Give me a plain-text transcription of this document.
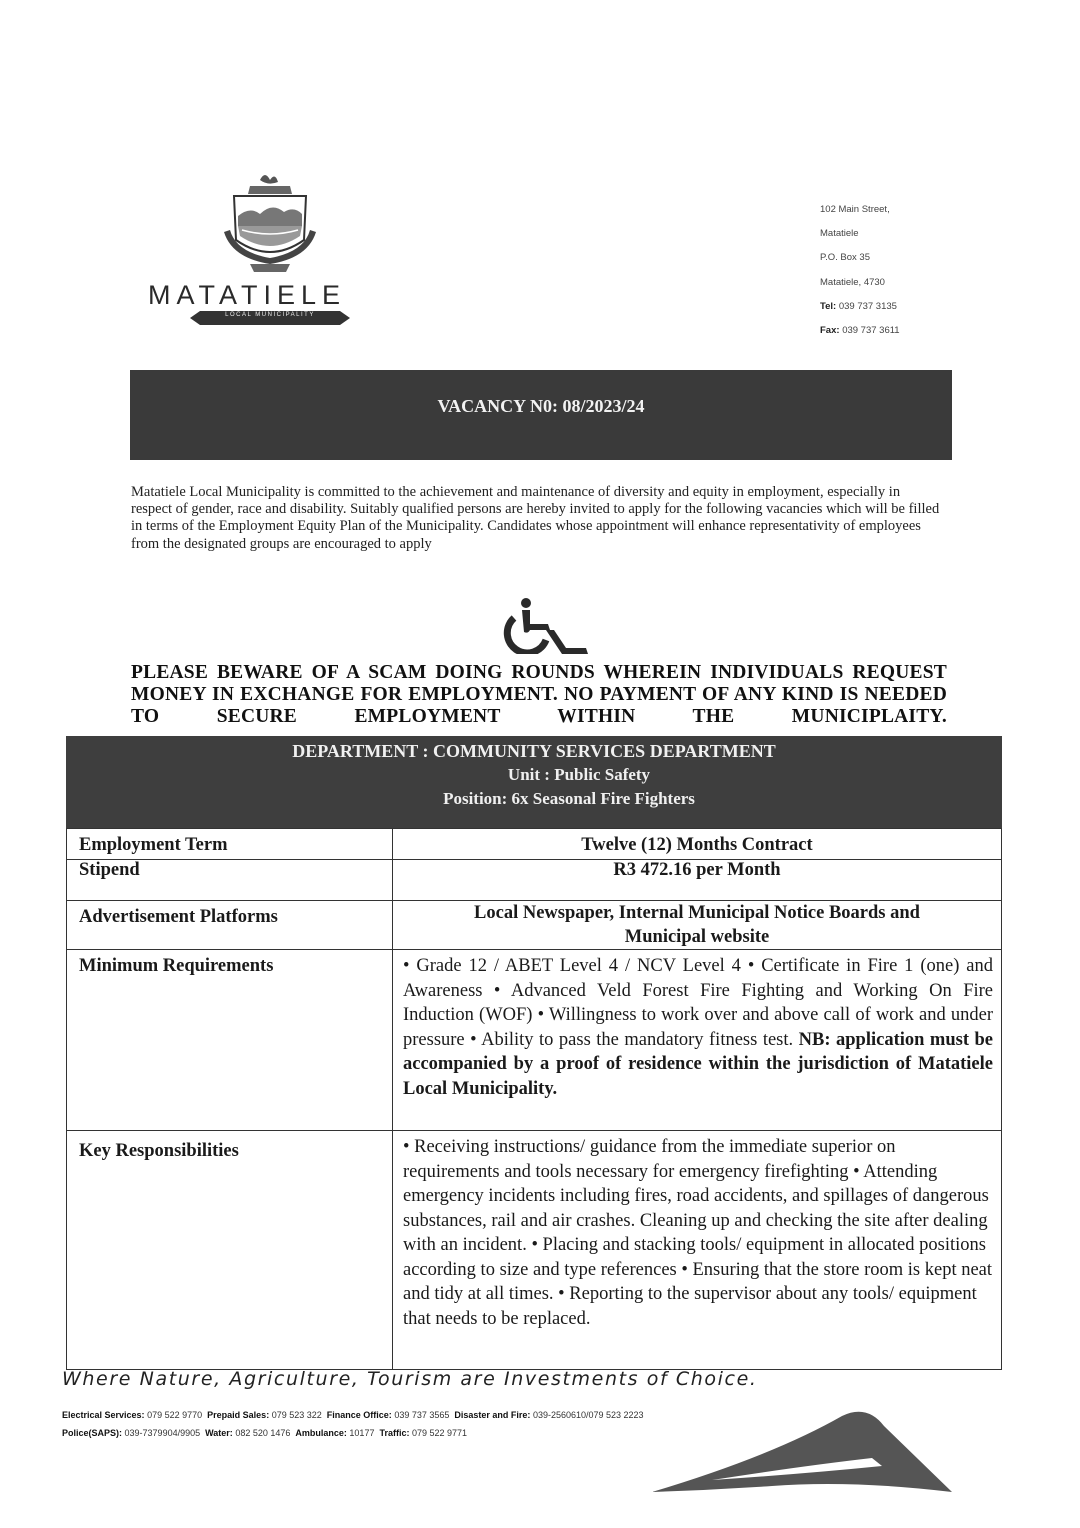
MATATIELE
LOCAL MUNICIPALITY
102 Main Street,
Matatiele
P.O. Box 35
Matatiele, 4730
Tel: 039 737 3135
Fax: 039 737 3611
VACANCY N0: 08/2023/24
Matatiele Local Municipality is committed to the achievement and maintenance of diversity and equity in employment, especially in respect of gender, race and disability. Suitably qualified persons are hereby invited to apply for the following vacancies which will be filled in terms of the Employment Equity Plan of the Municipality. Candidates whose appointment will enhance representativity of employees from the designated groups are encouraged to apply
PLEASE BEWARE OF A SCAM DOING ROUNDS WHEREIN INDIVIDUALS REQUEST MONEY IN EXCHANGE FOR EMPLOYMENT. NO PAYMENT OF ANY KIND IS NEEDED TO SECURE EMPLOYMENT WITHIN THE MUNICIPLAITY.
DEPARTMENT : COMMUNITY SERVICES DEPARTMENT
Unit : Public Safety
Position: 6x Seasonal Fire Fighters
Employment Term	Twelve (12) Months Contract
Stipend	R3 472.16 per Month
Advertisement Platforms	Local Newspaper, Internal Municipal Notice Boards and Municipal website
Minimum Requirements	• Grade 12 / ABET Level 4 / NCV Level 4 • Certificate in Fire 1 (one) and Awareness • Advanced Veld Forest Fire Fighting and Working On Fire Induction (WOF) • Willingness to work over and above call of work and under pressure • Ability to pass the mandatory fitness test. NB: application must be accompanied by a proof of residence within the jurisdiction of Matatiele Local Municipality.
Key Responsibilities	• Receiving instructions/ guidance from the immediate superior on requirements and tools necessary for emergency firefighting • Attending emergency incidents including fires, road accidents, and spillages of dangerous substances, rail and air crashes. Cleaning up and checking the site after dealing with an incident. • Placing and stacking tools/ equipment in allocated positions according to size and type references • Ensuring that the store room is kept neat and tidy at all times. • Reporting to the supervisor about any tools/ equipment that needs to be replaced.
Where Nature, Agriculture, Tourism are Investments of Choice.
Electrical Services: 079 522 9770 Prepaid Sales: 079 523 322 Finance Office: 039 737 3565 Disaster and Fire: 039-2560610/079 523 2223
Police(SAPS): 039-7379904/9905 Water: 082 520 1476 Ambulance: 10177 Traffic: 079 522 9771
